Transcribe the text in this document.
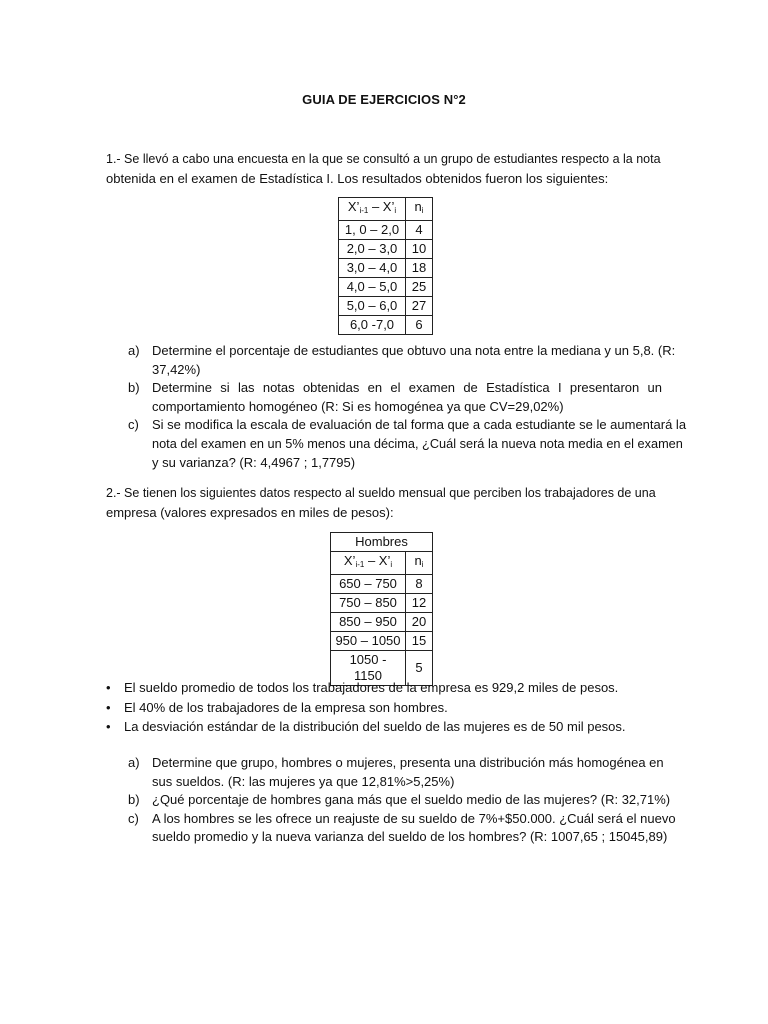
GUIA DE EJERCICIOS N°2
1.- Se llevó a cabo una encuesta en la que se consultó a un grupo de estudiantes respecto a la nota
obtenida en el examen de Estadística I. Los resultados obtenidos fueron los siguientes:
$X’_{i-1}$ – $X’_i$	$n_i$
1, 0 – 2,0	4
2,0 – 3,0	10
3,0 – 4,0	18
4,0 – 5,0	25
5,0 – 6,0	27
6,0 -7,0	6
a) Determine el porcentaje de estudiantes que obtuvo una nota entre la mediana y un 5,8. (R:
37,42%)
b) Determine si las notas obtenidas en el examen de Estadística I presentaron un
comportamiento homogéneo (R: Si es homogénea ya que CV=29,02%)
c) Si se modifica la escala de evaluación de tal forma que a cada estudiante se le aumentará la
nota del examen en un 5% menos una décima, ¿Cuál será la nueva nota media en el examen
y su varianza? (R: 4,4967 ; 1,7795)
2.- Se tienen los siguientes datos respecto al sueldo mensual que perciben los trabajadores de una
empresa (valores expresados en miles de pesos):
Hombres	
$X’_{i-1}$ – $X’_i$	$n_i$
650 – 750	8
750 – 850	12
850 – 950	20
950 – 1050	15
1050 - 1150	5
• El sueldo promedio de todos los trabajadores de la empresa es 929,2 miles de pesos.
• El 40% de los trabajadores de la empresa son hombres.
• La desviación estándar de la distribución del sueldo de las mujeres es de 50 mil pesos.
a) Determine que grupo, hombres o mujeres, presenta una distribución más homogénea en
sus sueldos. (R: las mujeres ya que 12,81%>5,25%)
b) ¿Qué porcentaje de hombres gana más que el sueldo medio de las mujeres? (R: 32,71%)
c) A los hombres se les ofrece un reajuste de su sueldo de 7%+$50.000. ¿Cuál será el nuevo
sueldo promedio y la nueva varianza del sueldo de los hombres? (R: 1007,65 ; 15045,89)
